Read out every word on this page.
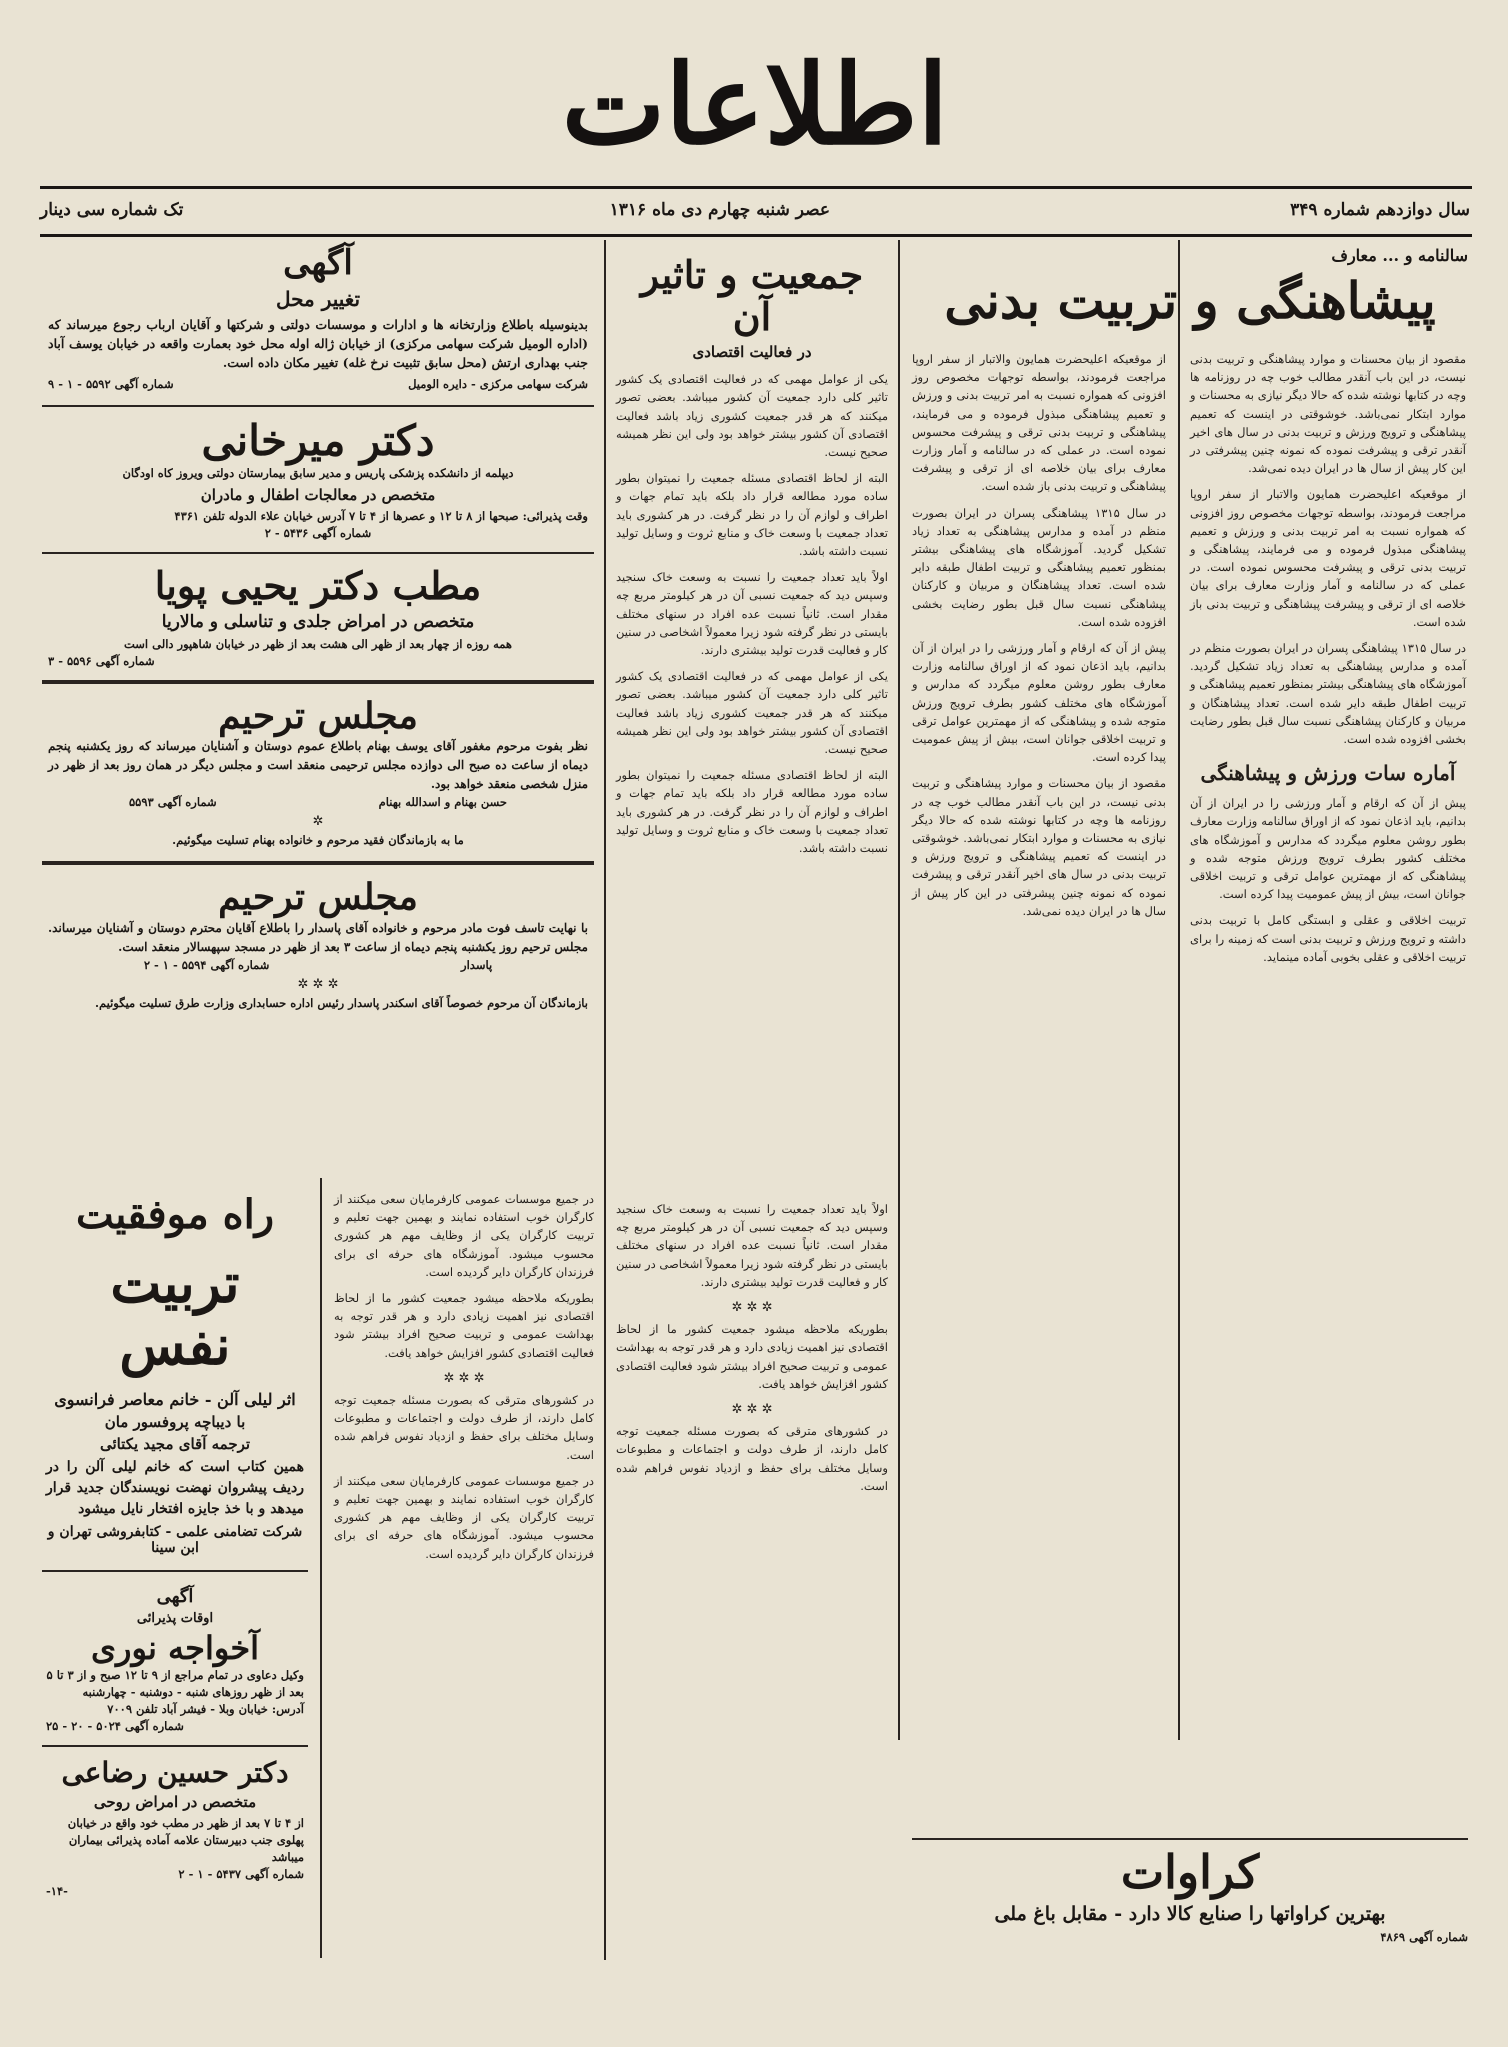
اطلاعات
سال دوازدهم شماره ۳۴۹
عصر شنبه چهارم دی ماه ۱۳۱۶
تک شماره سی دینار
سالنامه و ... معارف
پیشاهنگی و تربیت بدنی

مقصود از بیان محسنات و موارد پیشاهنگی و تربیت بدنی نیست، در این باب آنقدر مطالب خوب چه در روزنامه ها وچه در کتابها نوشته شده که حالا دیگر نیازی به محسنات و موارد ابتکار نمی‌باشد. خوشوقتی در اینست که تعمیم پیشاهنگی و ترویج ورزش و تربیت بدنی در سال های اخیر آنقدر ترقی و پیشرفت نموده که نمونه چنین پیشرفتی در این کار پیش از سال ها در ایران دیده نمی‌شد.

از موقعیکه اعلیحضرت همایون والاتبار از سفر اروپا مراجعت فرمودند، بواسطه توجهات مخصوص روز افزونی که همواره نسبت به امر تربیت بدنی و ورزش و تعمیم پیشاهنگی مبذول فرموده و می فرمایند، پیشاهنگی و تربیت بدنی ترقی و پیشرفت محسوس نموده است. در عملی که در سالنامه و آمار وزارت معارف برای بیان خلاصه ای از ترقی و پیشرفت پیشاهنگی و تربیت بدنی باز شده است.

در سال ۱۳۱۵ پیشاهنگی پسران در ایران بصورت منظم در آمده و مدارس پیشاهنگی به تعداد زیاد تشکیل گردید. آموزشگاه های پیشاهنگی بیشتر بمنظور تعمیم پیشاهنگی و تربیت اطفال طبقه دایر شده است. تعداد پیشاهنگان و مربیان و کارکنان پیشاهنگی نسبت سال قبل بطور رضایت بخشی افزوده شده است.

آماره سات ورزش و پیشاهنگی

پیش از آن که ارقام و آمار ورزشی را در ایران از آن بدانیم، باید اذعان نمود که از اوراق سالنامه وزارت معارف بطور روشن معلوم میگردد که مدارس و آموزشگاه های مختلف کشور بطرف ترویج ورزش متوجه شده و پیشاهنگی که از مهمترین عوامل ترقی و تربیت اخلاقی جوانان است، بیش از پیش عمومیت پیدا کرده است.

تربیت اخلاقی و عقلی و ابستگی کامل با تربیت بدنی داشته و ترویج ورزش و تربیت بدنی است که زمینه را برای تربیت اخلاقی و عقلی بخوبی آماده مینماید.

از موقعیکه اعلیحضرت همایون والاتبار از سفر اروپا مراجعت فرمودند، بواسطه توجهات مخصوص روز افزونی که همواره نسبت به امر تربیت بدنی و ورزش و تعمیم پیشاهنگی مبذول فرموده و می فرمایند، پیشاهنگی و تربیت بدنی ترقی و پیشرفت محسوس نموده است. در عملی که در سالنامه و آمار وزارت معارف برای بیان خلاصه ای از ترقی و پیشرفت پیشاهنگی و تربیت بدنی باز شده است.

در سال ۱۳۱۵ پیشاهنگی پسران در ایران بصورت منظم در آمده و مدارس پیشاهنگی به تعداد زیاد تشکیل گردید. آموزشگاه های پیشاهنگی بیشتر بمنظور تعمیم پیشاهنگی و تربیت اطفال طبقه دایر شده است. تعداد پیشاهنگان و مربیان و کارکنان پیشاهنگی نسبت سال قبل بطور رضایت بخشی افزوده شده است.

پیش از آن که ارقام و آمار ورزشی را در ایران از آن بدانیم، باید اذعان نمود که از اوراق سالنامه وزارت معارف بطور روشن معلوم میگردد که مدارس و آموزشگاه های مختلف کشور بطرف ترویج ورزش متوجه شده و پیشاهنگی که از مهمترین عوامل ترقی و تربیت اخلاقی جوانان است، بیش از پیش عمومیت پیدا کرده است.

مقصود از بیان محسنات و موارد پیشاهنگی و تربیت بدنی نیست، در این باب آنقدر مطالب خوب چه در روزنامه ها وچه در کتابها نوشته شده که حالا دیگر نیازی به محسنات و موارد ابتکار نمی‌باشد. خوشوقتی در اینست که تعمیم پیشاهنگی و ترویج ورزش و تربیت بدنی در سال های اخیر آنقدر ترقی و پیشرفت نموده که نمونه چنین پیشرفتی در این کار پیش از سال ها در ایران دیده نمی‌شد.

جمعیت و تاثیر آن
در فعالیت اقتصادی

یکی از عوامل مهمی که در فعالیت اقتصادی یک کشور تاثیر کلی دارد جمعیت آن کشور میباشد. بعضی تصور میکنند که هر قدر جمعیت کشوری زیاد باشد فعالیت اقتصادی آن کشور بیشتر خواهد بود ولی این نظر همیشه صحیح نیست.

البته از لحاظ اقتصادی مسئله جمعیت را نمیتوان بطور ساده مورد مطالعه قرار داد بلکه باید تمام جهات و اطراف و لوازم آن را در نظر گرفت. در هر کشوری باید تعداد جمعیت با وسعت خاک و منابع ثروت و وسایل تولید نسبت داشته باشد.

اولاً باید تعداد جمعیت را نسبت به وسعت خاک سنجید وسپس دید که جمعیت نسبی آن در هر کیلومتر مربع چه مقدار است. ثانیاً نسبت عده افراد در سنهای مختلف بایستی در نظر گرفته شود زیرا معمولاً اشخاصی در سنین کار و فعالیت قدرت تولید بیشتری دارند.

یکی از عوامل مهمی که در فعالیت اقتصادی یک کشور تاثیر کلی دارد جمعیت آن کشور میباشد. بعضی تصور میکنند که هر قدر جمعیت کشوری زیاد باشد فعالیت اقتصادی آن کشور بیشتر خواهد بود ولی این نظر همیشه صحیح نیست.

البته از لحاظ اقتصادی مسئله جمعیت را نمیتوان بطور ساده مورد مطالعه قرار داد بلکه باید تمام جهات و اطراف و لوازم آن را در نظر گرفت. در هر کشوری باید تعداد جمعیت با وسعت خاک و منابع ثروت و وسایل تولید نسبت داشته باشد.

اولاً باید تعداد جمعیت را نسبت به وسعت خاک سنجید وسپس دید که جمعیت نسبی آن در هر کیلومتر مربع چه مقدار است. ثانیاً نسبت عده افراد در سنهای مختلف بایستی در نظر گرفته شود زیرا معمولاً اشخاصی در سنین کار و فعالیت قدرت تولید بیشتری دارند.

✲ ✲ ✲

بطوریکه ملاحظه میشود جمعیت کشور ما از لحاظ اقتصادی نیز اهمیت زیادی دارد و هر قدر توجه به بهداشت عمومی و تربیت صحیح افراد بیشتر شود فعالیت اقتصادی کشور افزایش خواهد یافت.

✲ ✲ ✲

در کشورهای مترقی که بصورت مسئله جمعیت توجه کامل دارند، از طرف دولت و اجتماعات و مطبوعات وسایل مختلف برای حفظ و ازدیاد نفوس فراهم شده است.

در جمیع موسسات عمومی کارفرمایان سعی میکنند از کارگران خوب استفاده نمایند و بهمین جهت تعلیم و تربیت کارگران یکی از وظایف مهم هر کشوری محسوب میشود. آموزشگاه های حرفه ای برای فرزندان کارگران دایر گردیده است.

بطوریکه ملاحظه میشود جمعیت کشور ما از لحاظ اقتصادی نیز اهمیت زیادی دارد و هر قدر توجه به بهداشت عمومی و تربیت صحیح افراد بیشتر شود فعالیت اقتصادی کشور افزایش خواهد یافت.

✲ ✲ ✲

در کشورهای مترقی که بصورت مسئله جمعیت توجه کامل دارند، از طرف دولت و اجتماعات و مطبوعات وسایل مختلف برای حفظ و ازدیاد نفوس فراهم شده است.

در جمیع موسسات عمومی کارفرمایان سعی میکنند از کارگران خوب استفاده نمایند و بهمین جهت تعلیم و تربیت کارگران یکی از وظایف مهم هر کشوری محسوب میشود. آموزشگاه های حرفه ای برای فرزندان کارگران دایر گردیده است.

آگهی
تغییر محل
بدینوسیله باطلاع وزارتخانه ها و ادارات و موسسات دولتی و شرکتها و آقایان ارباب رجوع میرساند که (اداره الومیل شرکت سهامی مرکزی) از خیابان ژاله اوله محل خود بعمارت واقعه در خیابان یوسف آباد جنب بهداری ارتش (محل سابق تثبیت نرخ غله) تغییر مکان داده است.
شرکت سهامی مرکزی - دایره الومیل
شماره آگهی ۵۵۹۲ - ۱ - ۹
دکتر میرخانی
دیپلمه از دانشکده پزشکی پاریس و مدیر سابق بیمارستان دولتی ویروز کاه اودگان
متخصص در معالجات اطفال و مادران
وقت پذیرائی: صبحها از ۸ تا ۱۲ و عصرها از ۴ تا ۷ آدرس خیابان علاء الدوله تلفن ۴۳۶۱
شماره آگهی ۵۴۳۶ - ۲
مطب دکتر یحیی پویا
متخصص در امراض جلدی و تناسلی و مالاریا
همه روزه از چهار بعد از ظهر الی هشت بعد از ظهر در خیابان شاهپور دالی است
شماره آگهی ۵۵۹۶ - ۳
مجلس ترحیم
نظر بفوت مرحوم مغفور آقای یوسف بهنام باطلاع عموم دوستان و آشنایان میرساند که روز یکشنبه پنجم دیماه از ساعت ده صبح الی دوازده مجلس ترحیمی منعقد است و مجلس دیگر در همان روز بعد از ظهر در منزل شخصی منعقد خواهد بود.
حسن بهنام و اسدالله بهنام
شماره آگهی ۵۵۹۳
✲
ما به بازماندگان فقید مرحوم و خانواده بهنام تسلیت میگوئیم.
مجلس ترحیم
با نهایت تاسف فوت مادر مرحوم و خانواده آقای پاسدار را باطلاع آقایان محترم دوستان و آشنایان میرساند. مجلس ترحیم روز یکشنبه پنجم دیماه از ساعت ۳ بعد از ظهر در مسجد سپهسالار منعقد است.
پاسدار
شماره آگهی ۵۵۹۴ - ۱ - ۲
✲ ✲ ✲
بازماندگان آن مرحوم خصوصاً آقای اسکندر پاسدار رئیس اداره حسابداری وزارت طرق تسلیت میگوئیم.
راه موفقیت
تربیت نفس
اثر لیلی آلن - خانم معاصر فرانسوی
با دیباچه پروفسور مان
ترجمه آقای مجید یکتائی
همین کتاب است که خانم لیلی آلن را در ردیف پیشروان نهضت نویسندگان جدید قرار میدهد و با خذ جایزه افتخار نایل میشود
شرکت تضامنی علمی - کتابفروشی تهران و ابن سینا
آگهی
اوقات پذیرائی
آخواجه نوری
وکیل دعاوی در تمام مراجع از ۹ تا ۱۲ صبح و از ۳ تا ۵ بعد از ظهر روزهای شنبه - دوشنبه - چهارشنبه
آدرس: خیابان وبلا - فیشر آباد تلفن ۷۰۰۹
شماره آگهی ۵۰۲۴ - ۲۰ - ۲۵
دکتر حسین رضاعی
متخصص در امراض روحی
از ۴ تا ۷ بعد از ظهر در مطب خود واقع در خیابان پهلوی جنب دبیرستان علامه آماده پذیرائی بیماران میباشد
شماره آگهی ۵۴۳۷ - ۱ - ۲
-۱۴-	کراوات
بهترین کراواتها را صنایع کالا دارد - مقابل باغ ملی
شماره آگهی ۴۸۶۹
